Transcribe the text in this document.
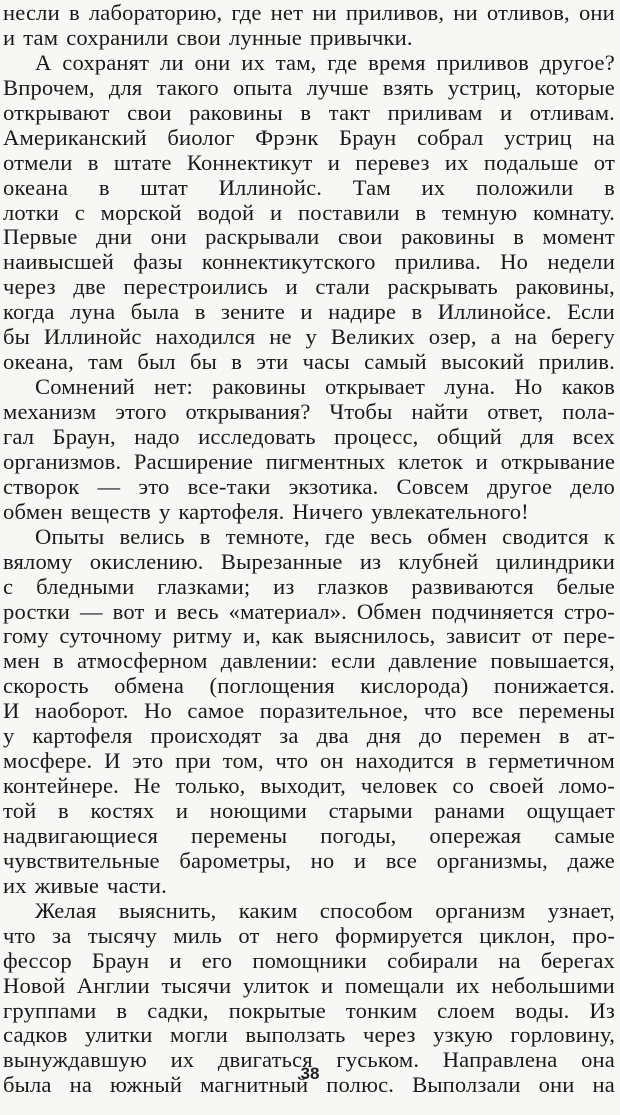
несли в лабораторию, где нет ни приливов, ни отливов, они
и там сохранили свои лунные привычки.
А сохранят ли они их там, где время приливов другое?
Впрочем, для такого опыта лучше взять устриц, которые
открывают свои раковины в такт приливам и отливам.
Американский биолог Фрэнк Браун собрал устриц на
отмели в штате Коннектикут и перевез их подальше от
океана в штат Иллинойс. Там их положили в
лотки с морской водой и поставили в темную комнату.
Первые дни они раскрывали свои раковины в момент
наивысшей фазы коннектикутского прилива. Но недели
через две перестроились и стали раскрывать раковины,
когда луна была в зените и надире в Иллинойсе. Если
бы Иллинойс находился не у Великих озер, а на берегу
океана, там был бы в эти часы самый высокий прилив.
Сомнений нет: раковины открывает луна. Но каков
механизм этого открывания? Чтобы найти ответ, пола-
гал Браун, надо исследовать процесс, общий для всех
организмов. Расширение пигментных клеток и открывание
створок — это все-таки экзотика. Совсем другое дело
обмен веществ у картофеля. Ничего увлекательного!
Опыты велись в темноте, где весь обмен сводится к
вялому окислению. Вырезанные из клубней цилиндрики
с бледными глазками; из глазков развиваются белые
ростки — вот и весь «материал». Обмен подчиняется стро-
гому суточному ритму и, как выяснилось, зависит от пере-
мен в атмосферном давлении: если давление повышается,
скорость обмена (поглощения кислорода) понижается.
И наоборот. Но самое поразительное, что все перемены
у картофеля происходят за два дня до перемен в ат-
мосфере. И это при том, что он находится в герметичном
контейнере. Не только, выходит, человек со своей ломо-
той в костях и ноющими старыми ранами ощущает
надвигающиеся перемены погоды, опережая самые
чувствительные барометры, но и все организмы, даже
их живые части.
Желая выяснить, каким способом организм узнает,
что за тысячу миль от него формируется циклон, про-
фессор Браун и его помощники собирали на берегах
Новой Англии тысячи улиток и помещали их небольшими
группами в садки, покрытые тонким слоем воды. Из
садков улитки могли выползать через узкую горловину,
вынуждавшую их двигаться гуськом. Направлена она
была на южный магнитный полюс. Выползали они на
38
